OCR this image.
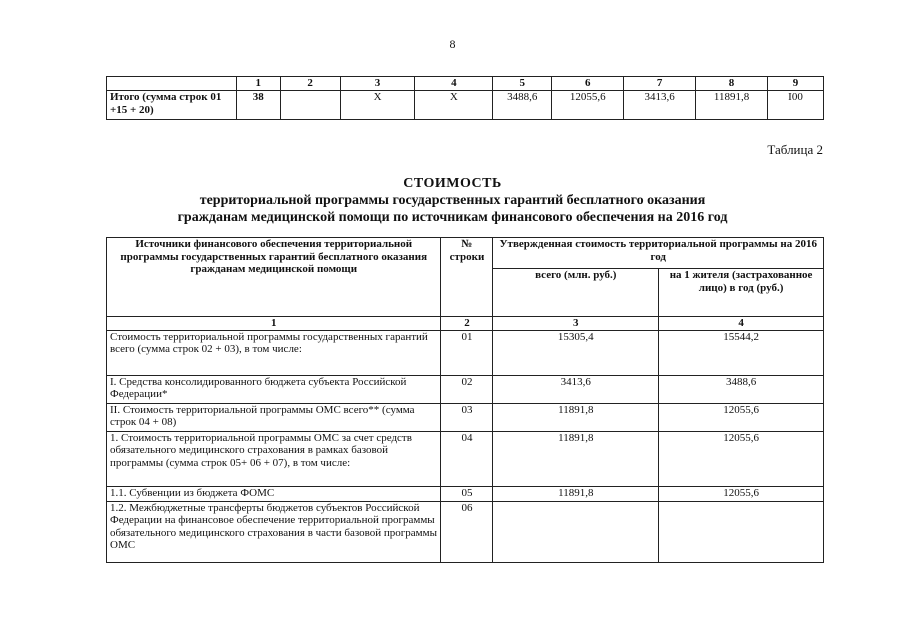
8
	1	2	3	4	5	6	7	8	9
Итого (сумма строк 01 +15 + 20)	38		X	X	3488,6	12055,6	3413,6	11891,8	I00
Таблица 2
СТОИМОСТЬ
территориальной программы государственных гарантий бесплатного оказания
гражданам медицинской помощи по источникам финансового обеспечения на 2016 год
Источники финансового обеспечения территориальной программы государственных гарантий бесплатного оказания гражданам медицинской помощи	№ строки	Утвержденная стоимость территориальной программы на 2016 год	
		всего (млн. руб.)	на 1 жителя (застрахованное лицо) в год (руб.)
1	2	3	4
Стоимость территориальной программы государственных гарантий всего (сумма строк 02 + 03), в том числе:	01	15305,4	15544,2
I. Средства консолидированного бюджета субъекта Российской Федерации*	02	3413,6	3488,6
II. Стоимость территориальной программы ОМС всего** (сумма строк 04 + 08)	03	11891,8	12055,6
1. Стоимость территориальной программы ОМС за счет средств обязательного медицинского страхования в рамках базовой программы (сумма строк 05+ 06 + 07), в том числе:	04	11891,8	12055,6
1.1. Субвенции из бюджета ФОМС	05	11891,8	12055,6
1.2. Межбюджетные трансферты бюджетов субъектов Российской Федерации на финансовое обеспечение территориальной программы обязательного медицинского страхования в части базовой программы ОМС	06		
